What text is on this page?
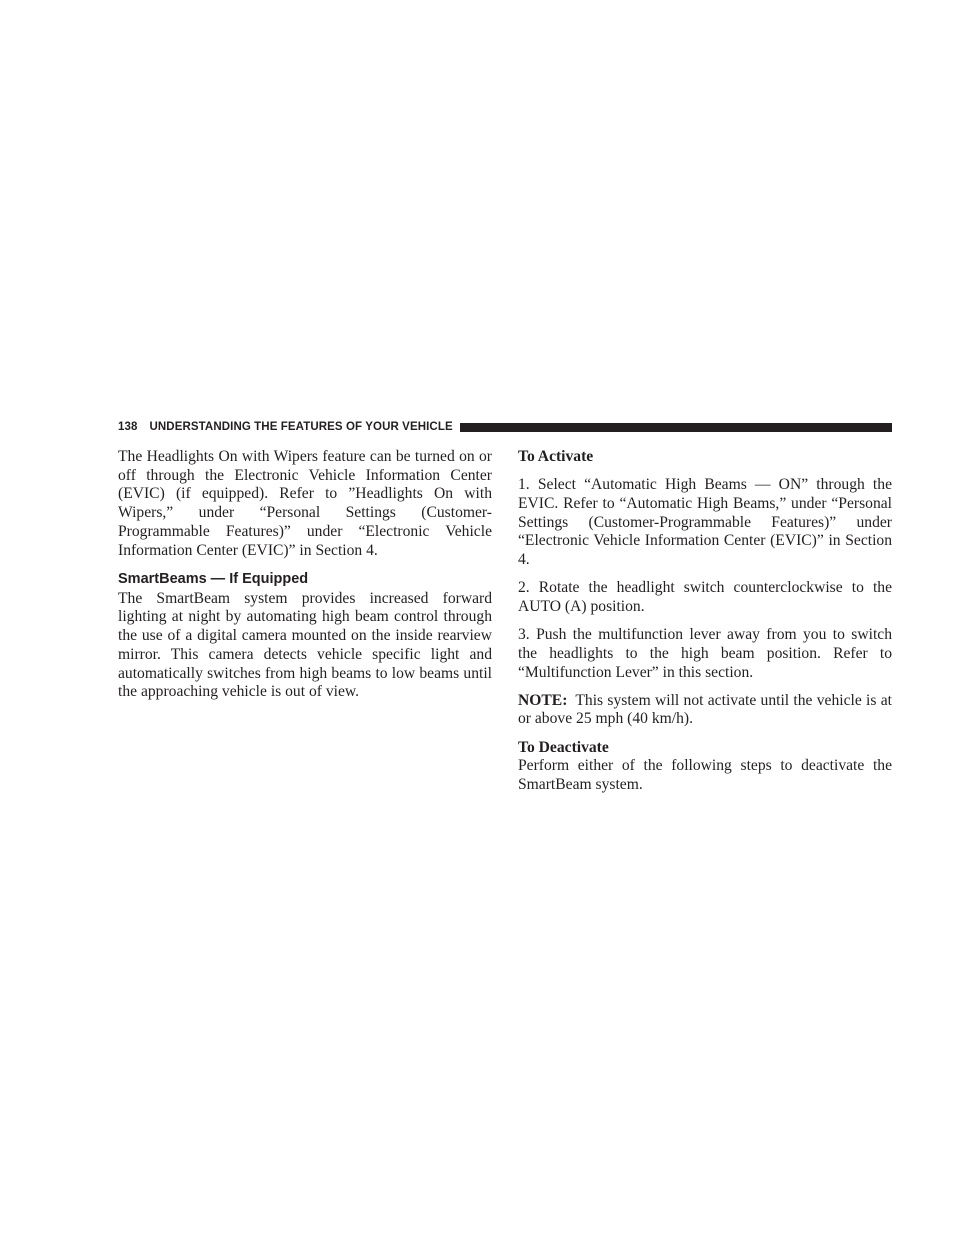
138 UNDERSTANDING THE FEATURES OF YOUR VEHICLE

The Headlights On with Wipers feature can be turned on or off through the Electronic Vehicle Information Center (EVIC) (if equipped). Refer to ”Headlights On with Wipers,” under “Personal Settings (Customer-Programmable Features)” under “Electronic Vehicle Information Center (EVIC)” in Section 4.

SmartBeams — If Equipped

The SmartBeam system provides increased forward lighting at night by automating high beam control through the use of a digital camera mounted on the inside rearview mirror. This camera detects vehicle specific light and automatically switches from high beams to low beams until the approaching vehicle is out of view.

To Activate

1. Select “Automatic High Beams — ON” through the EVIC. Refer to “Automatic High Beams,” under “Personal Settings (Customer-Programmable Features)” under “Electronic Vehicle Information Center (EVIC)” in Section 4.

2. Rotate the headlight switch counterclockwise to the AUTO (A) position.

3. Push the multifunction lever away from you to switch the headlights to the high beam position. Refer to “Multifunction Lever” in this section.

NOTE: This system will not activate until the vehicle is at or above 25 mph (40 km/h).

To Deactivate

Perform either of the following steps to deactivate the SmartBeam system.
